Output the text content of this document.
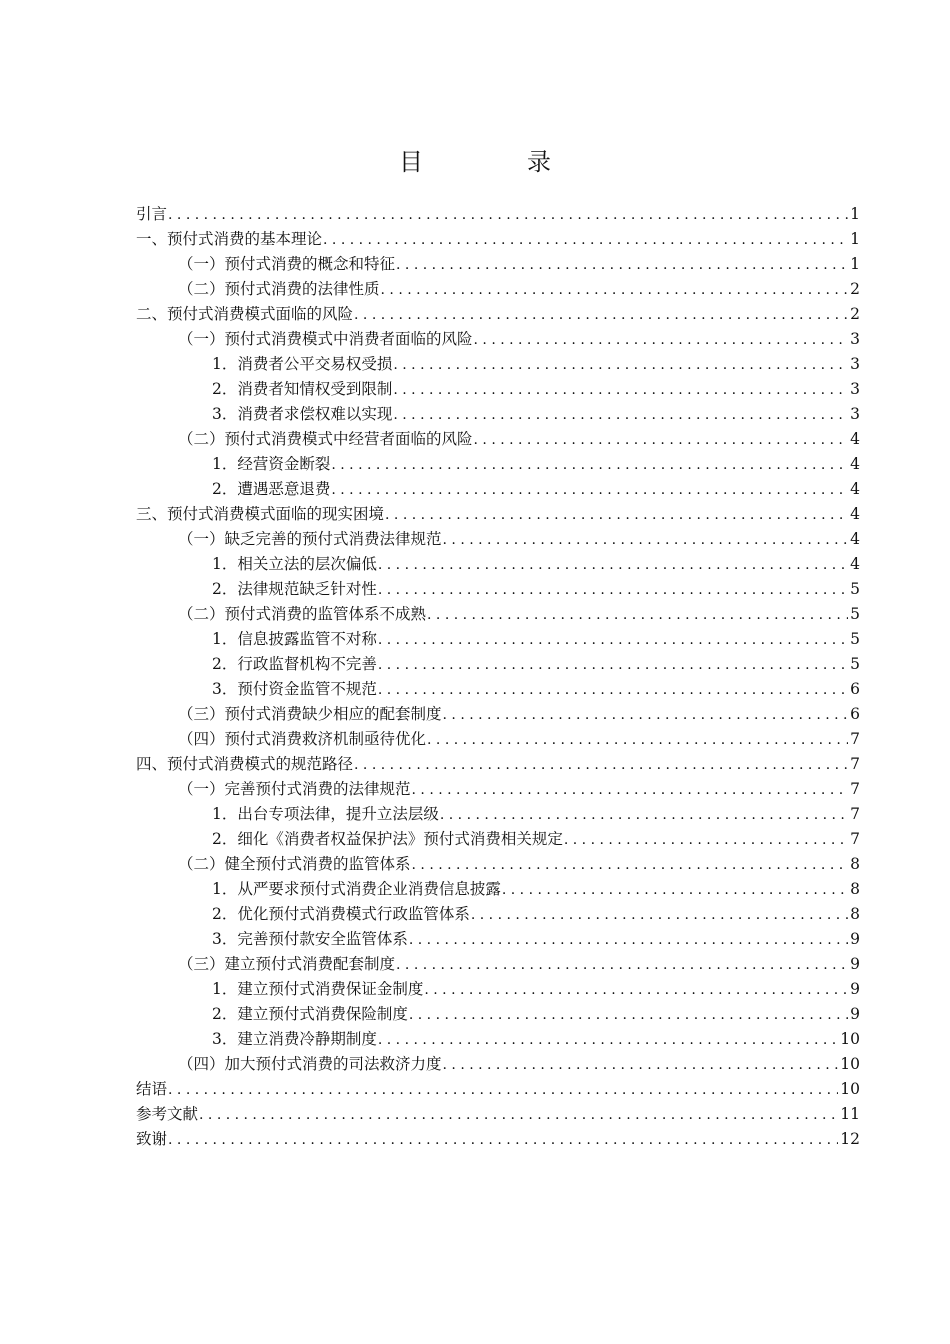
目　录
引言 . . .	1
一、预付式消费的基本理论 . . .	1
（一）预付式消费的概念和特征 . . .	1
（二）预付式消费的法律性质 . . .	2
二、预付式消费模式面临的风险 . . .	2
（一）预付式消费模式中消费者面临的风险 . . .	3
1．消费者公平交易权受损 . . .	3
2．消费者知情权受到限制 . . .	3
3．消费者求偿权难以实现 . . .	3
（二）预付式消费模式中经营者面临的风险 . . .	4
1．经营资金断裂 . . .	4
2．遭遇恶意退费 . . .	4
三、预付式消费模式面临的现实困境 . . .	4
（一）缺乏完善的预付式消费法律规范 . . .	4
1．相关立法的层次偏低 . . .	4
2．法律规范缺乏针对性 . . .	5
（二）预付式消费的监管体系不成熟 . . .	5
1．信息披露监管不对称 . . .	5
2．行政监督机构不完善 . . .	5
3．预付资金监管不规范 . . .	6
（三）预付式消费缺少相应的配套制度 . . .	6
（四）预付式消费救济机制亟待优化 . . .	7
四、预付式消费模式的规范路径 . . .	7
（一）完善预付式消费的法律规范 . . .	7
1．出台专项法律，提升立法层级 . . .	7
2．细化《消费者权益保护法》预付式消费相关规定 . . .	7
（二）健全预付式消费的监管体系 . . .	8
1．从严要求预付式消费企业消费信息披露 . . .	8
2．优化预付式消费模式行政监管体系 . . .	8
3．完善预付款安全监管体系 . . .	9
（三）建立预付式消费配套制度 . . .	9
1．建立预付式消费保证金制度 . . .	9
2．建立预付式消费保险制度 . . .	9
3．建立消费冷静期制度 . . .	10
（四）加大预付式消费的司法救济力度 . . .	10
结语 . . .	10
参考文献 . . .	11
致谢 . . .	12
